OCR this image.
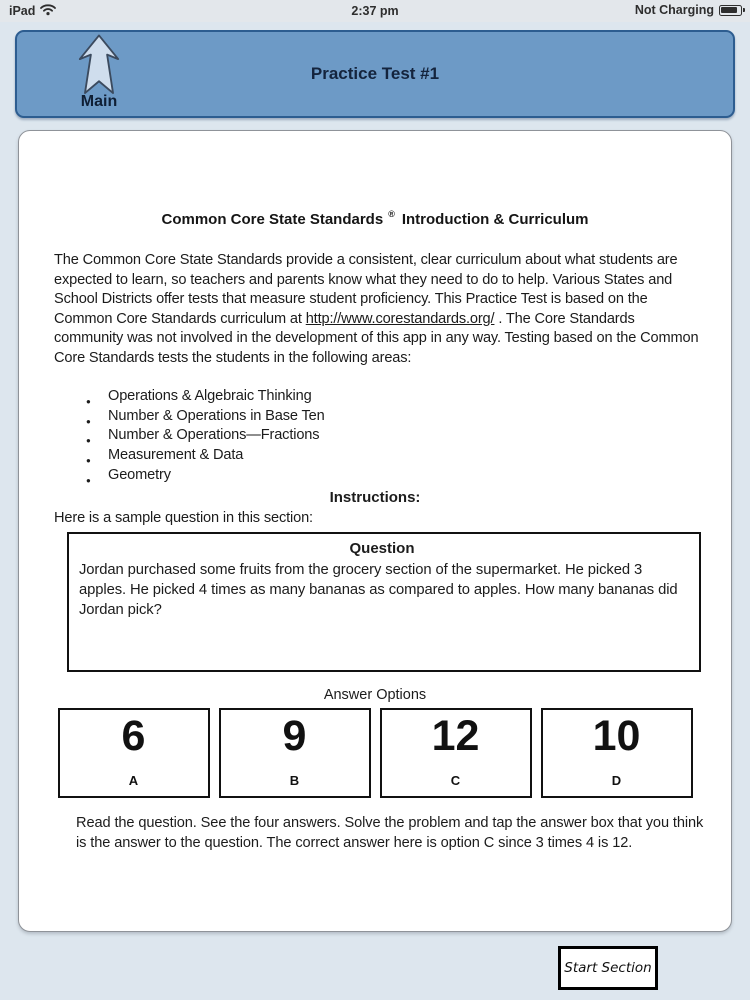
iPad	2:37 pm	Not Charging
Main
Practice Test #1
Common Core State Standards ® Introduction & Curriculum
The Common Core State Standards provide a consistent, clear curriculum about what students are expected to learn, so teachers and parents know what they need to do to help. Various States and School Districts offer tests that measure student proficiency. This Practice Test is based on the Common Core Standards curriculum at http://www.corestandards.org/ . The Core Standards community was not involved in the development of this app in any way. Testing based on the Common Core Standards tests the students in the following areas:
● Operations & Algebraic Thinking
● Number & Operations in Base Ten
● Number & Operations—Fractions
● Measurement & Data
● Geometry
Instructions:
Here is a sample question in this section:
Question
Jordan purchased some fruits from the grocery section of the supermarket. He picked 3 apples. He picked 4 times as many bananas as compared to apples. How many bananas did Jordan pick?
Answer Options
6
A
9
B
12
C
10
D
Read the question. See the four answers. Solve the problem and tap the answer box that you think is the answer to the question. The correct answer here is option C since 3 times 4 is 12.
Start Section
